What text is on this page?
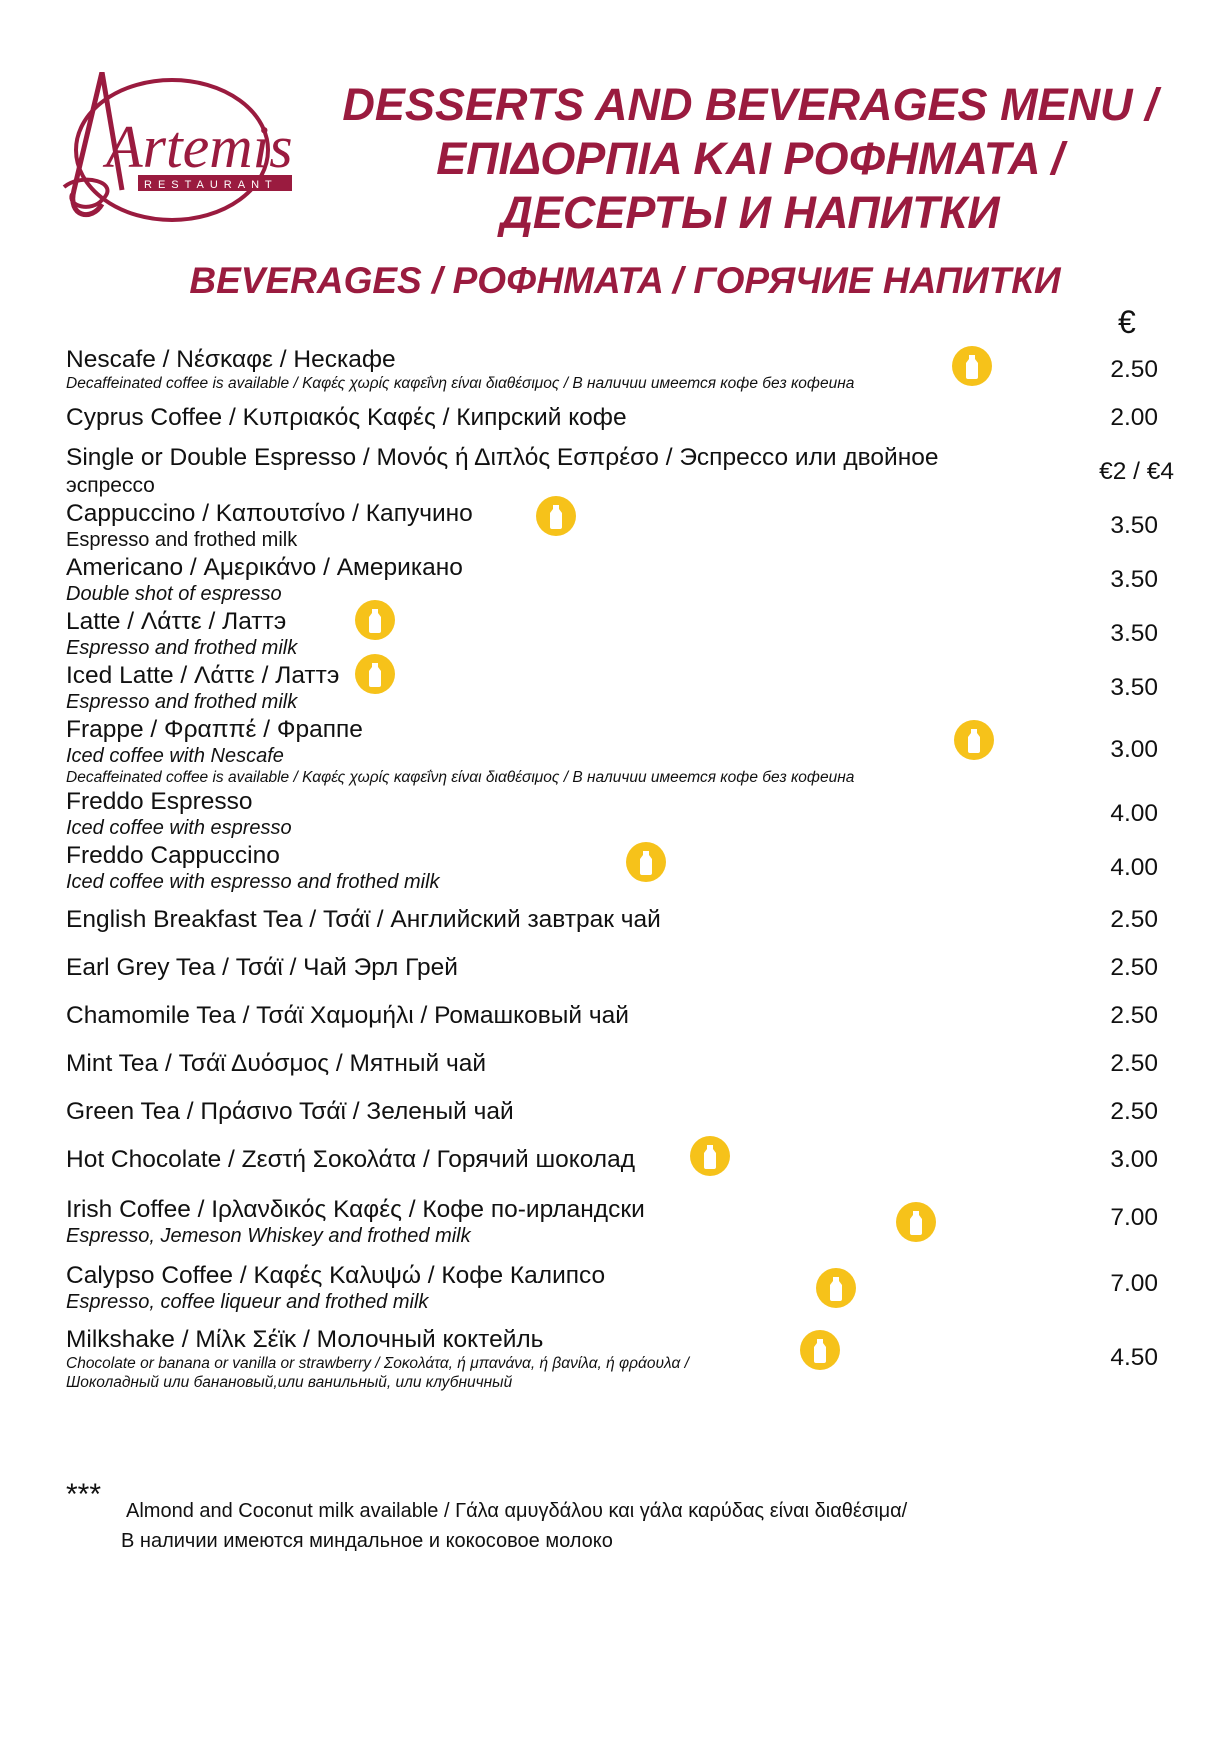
Artemis
RESTAURANT
DESSERTS AND BEVERAGES MENU /
ΕΠΙΔΟΡΠΙΑ ΚΑΙ ΡΟΦΗΜΑΤΑ /
ДЕСЕРТЫ И НАПИТКИ
BEVERAGES / ΡΟΦΗΜΑΤΑ / ГОРЯЧИЕ НАПИТКИ
€
Nescafe / Νέσκαφε / Нескафе
Decaffeinated coffee is available / Καφές χωρίς καφεΐνη είναι διαθέσιμος / В наличии имеется кофе без кофеина
2.50
Cyprus Coffee / Κυπριακός Καφές / Кипрский кофе	2.00
Single or Double Espresso / Μονός ή Διπλός Εσπρέσο / Эспрессо или двойное
эспрессо
€2 / €4
Cappuccino / Καπουτσίνο / Капучино
Espresso and frothed milk
3.50
Americano / Αμερικάνο / Американо
Double shot of espresso
3.50
Latte / Λάττε / Латтэ
Espresso and frothed milk
3.50
Iced Latte / Λάττε / Латтэ
Espresso and frothed milk
3.50
Frappe / Φραππέ / Фраппе
Iced coffee with Nescafe
Decaffeinated coffee is available / Καφές χωρίς καφεΐνη είναι διαθέσιμος / В наличии имеется кофе без кофеина
3.00
Freddo Espresso
Iced coffee with espresso
4.00
Freddo Cappuccino
Iced coffee with espresso and frothed milk
4.00
English Breakfast Tea / Τσάϊ / Английский завтрак чай	2.50
Earl Grey Tea / Τσάϊ / Чай Эрл Грей	2.50
Chamomile Tea / Τσάϊ Χαμομήλι / Ромашковый чай	2.50
Mint Tea / Τσάϊ Δυόσμος / Мятный чай	2.50
Green Tea / Πράσινο Τσάϊ / Зеленый чай	2.50
Hot Chocolate / Ζεστή Σοκολάτα / Горячий шоколад	3.00
Irish Coffee / Ιρλανδικός Καφές / Кофе по-ирландски
Espresso, Jemeson Whiskey and frothed milk
7.00
Calypso Coffee / Καφές Καλυψώ / Кофе Калипсо
Espresso, coffee liqueur and frothed milk
7.00
Milkshake / Μίλκ Σέϊκ / Молочный коктейль
Chocolate or banana or vanilla or strawberry / Σοκολάτα, ή μπανάνα, ή βανίλα, ή φράουλα /
Шоколадный или банановый,или ванильный, или клубничный
4.50
*** Almond and Coconut milk available / Γάλα αμυγδάλου και γάλα καρύδας είναι διαθέσιμα/
В наличии имеются миндальное и кокосовое молоко
